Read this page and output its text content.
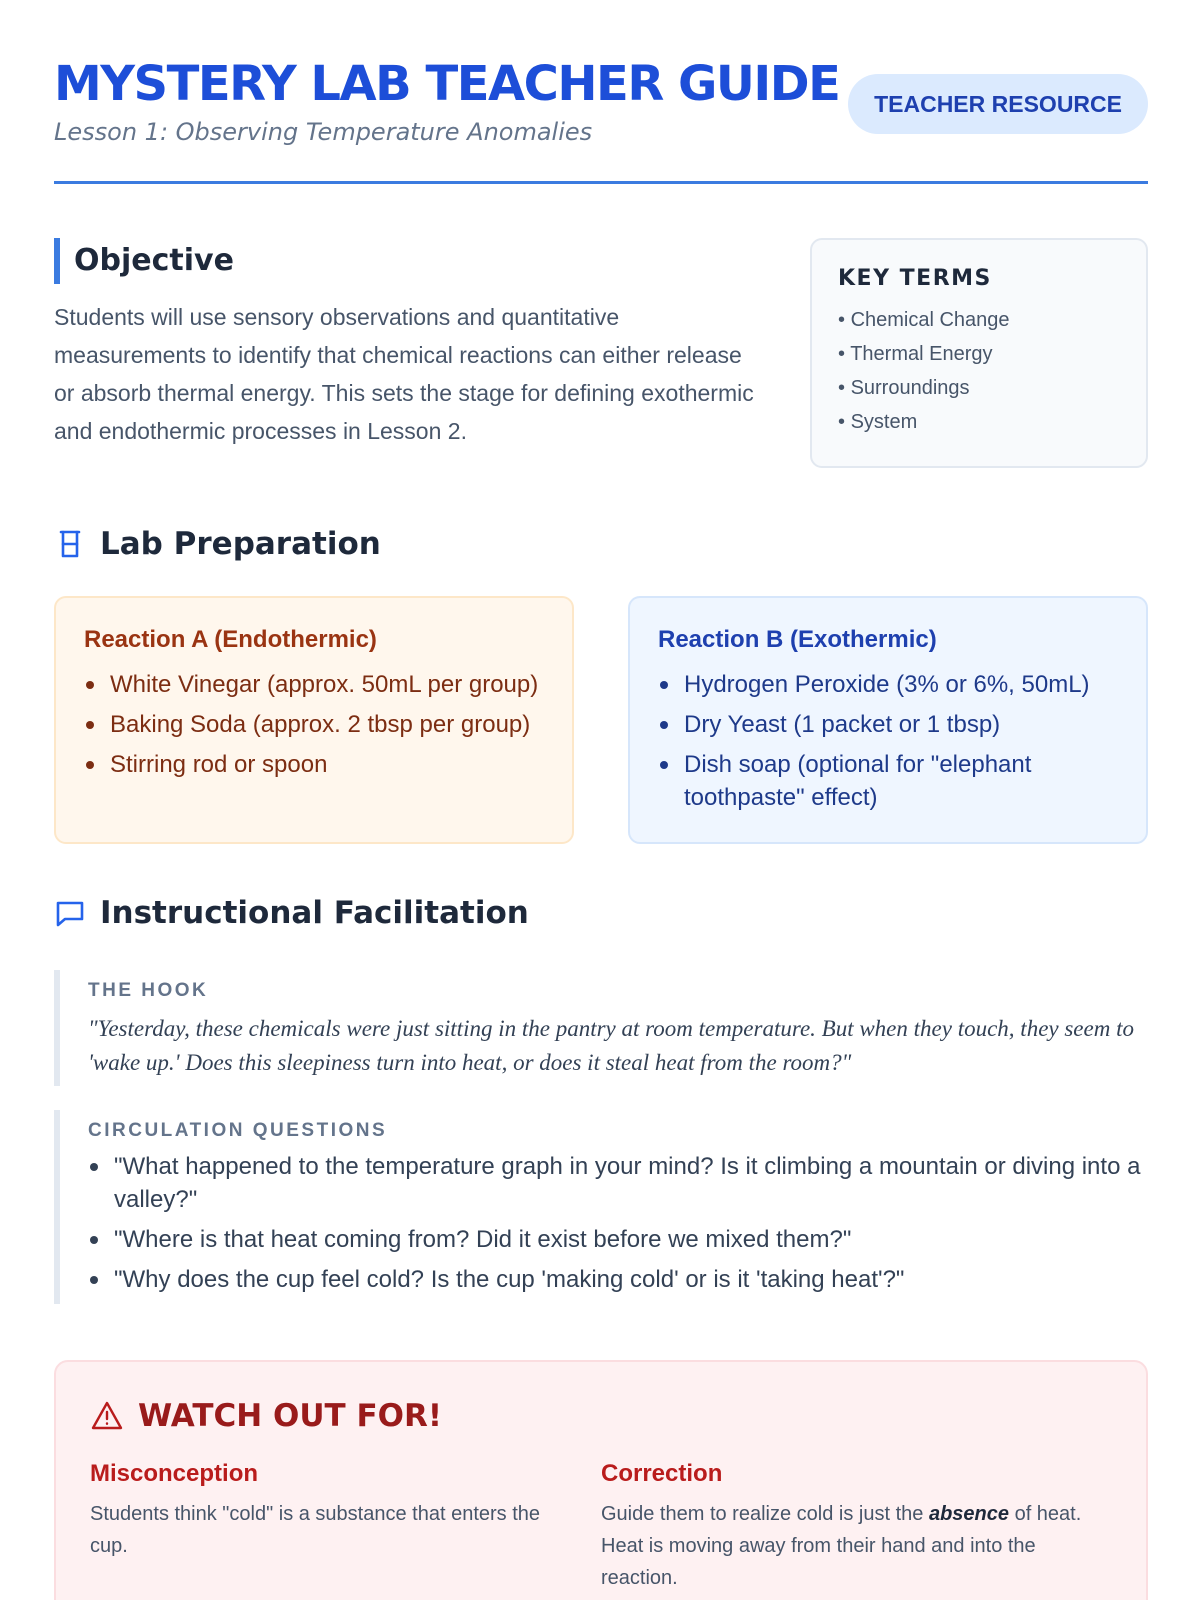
MYSTERY LAB TEACHER GUIDE
Lesson 1: Observing Temperature Anomalies
TEACHER RESOURCE
Objective

Students will use sensory observations and quantitative measurements to identify that chemical reactions can either release or absorb thermal energy. This sets the stage for defining exothermic and endothermic processes in Lesson 2.

KEY TERMS
• Chemical Change
• Thermal Energy
• Surroundings
• System
Lab Preparation
Reaction A (Endothermic)
White Vinegar (approx. 50mL per group)
Baking Soda (approx. 2 tbsp per group)
Stirring rod or spoon
Reaction B (Exothermic)
Hydrogen Peroxide (3% or 6%, 50mL)
Dry Yeast (1 packet or 1 tbsp)
Dish soap (optional for "elephant toothpaste" effect)
Instructional Facilitation
THE HOOK

"Yesterday, these chemicals were just sitting in the pantry at room temperature. But when they touch, they seem to 'wake up.' Does this sleepiness turn into heat, or does it steal heat from the room?"

CIRCULATION QUESTIONS
"What happened to the temperature graph in your mind? Is it climbing a mountain or diving into a valley?"
"Where is that heat coming from? Did it exist before we mixed them?"
"Why does the cup feel cold? Is the cup 'making cold' or is it 'taking heat'?"
WATCH OUT FOR!
Misconception

Students think "cold" is a substance that enters the cup.

Correction

Guide them to realize cold is just the absence of heat. Heat is moving away from their hand and into the reaction.
